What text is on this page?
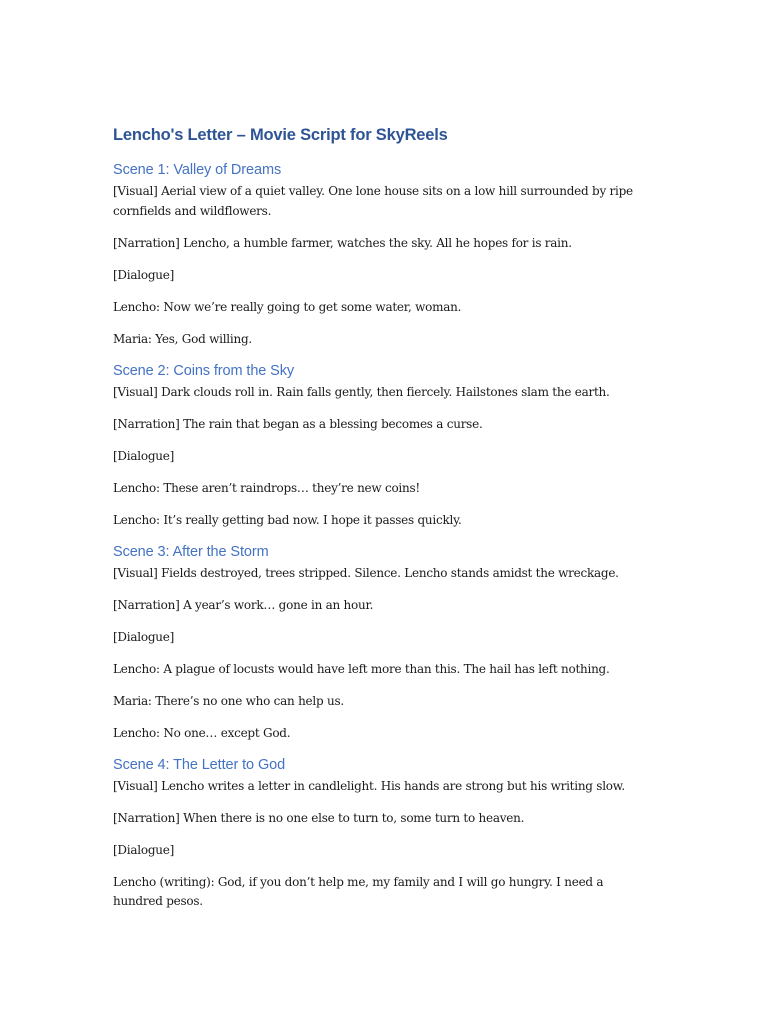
Lencho's Letter – Movie Script for SkyReels
Scene 1: Valley of Dreams

[Visual] Aerial view of a quiet valley. One lone house sits on a low hill surrounded by ripe cornfields and wildflowers.

[Narration] Lencho, a humble farmer, watches the sky. All he hopes for is rain.

[Dialogue]

Lencho: Now we’re really going to get some water, woman.

Maria: Yes, God willing.

Scene 2: Coins from the Sky

[Visual] Dark clouds roll in. Rain falls gently, then fiercely. Hailstones slam the earth.

[Narration] The rain that began as a blessing becomes a curse.

[Dialogue]

Lencho: These aren’t raindrops… they’re new coins!

Lencho: It’s really getting bad now. I hope it passes quickly.

Scene 3: After the Storm

[Visual] Fields destroyed, trees stripped. Silence. Lencho stands amidst the wreckage.

[Narration] A year’s work… gone in an hour.

[Dialogue]

Lencho: A plague of locusts would have left more than this. The hail has left nothing.

Maria: There’s no one who can help us.

Lencho: No one… except God.

Scene 4: The Letter to God

[Visual] Lencho writes a letter in candlelight. His hands are strong but his writing slow.

[Narration] When there is no one else to turn to, some turn to heaven.

[Dialogue]

Lencho (writing): God, if you don’t help me, my family and I will go hungry. I need a hundred pesos.
